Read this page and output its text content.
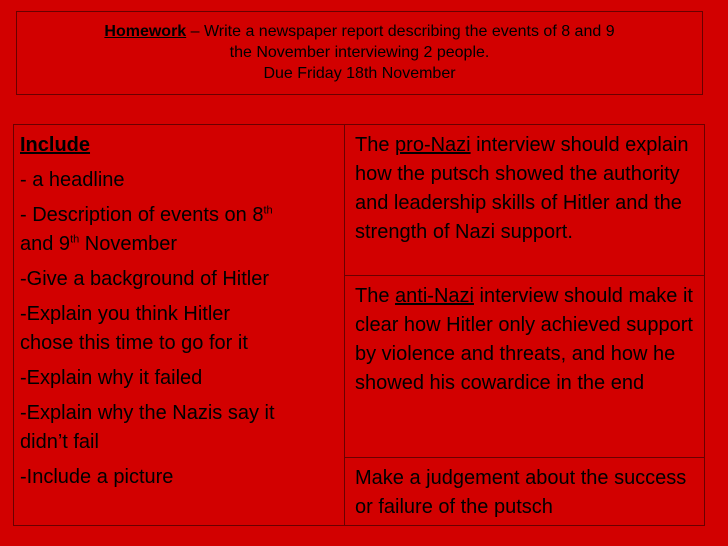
Homework – Write a newspaper report describing the events of 8 and 9
the November interviewing 2 people.
Due Friday 18th November
Include
- a headline
- Description of events on 8th
and 9th November
-Give a background of Hitler
-Explain you think Hitler
chose this time to go for it
-Explain why it failed
-Explain why the Nazis say it
didn’t fail
-Include a picture
The pro-Nazi interview should explain how the putsch showed the authority and leadership skills of Hitler and the strength of Nazi support.
The anti-Nazi interview should make it clear how Hitler only achieved support by violence and threats, and how he showed his cowardice in the end
Make a judgement about the success or failure of the putsch
